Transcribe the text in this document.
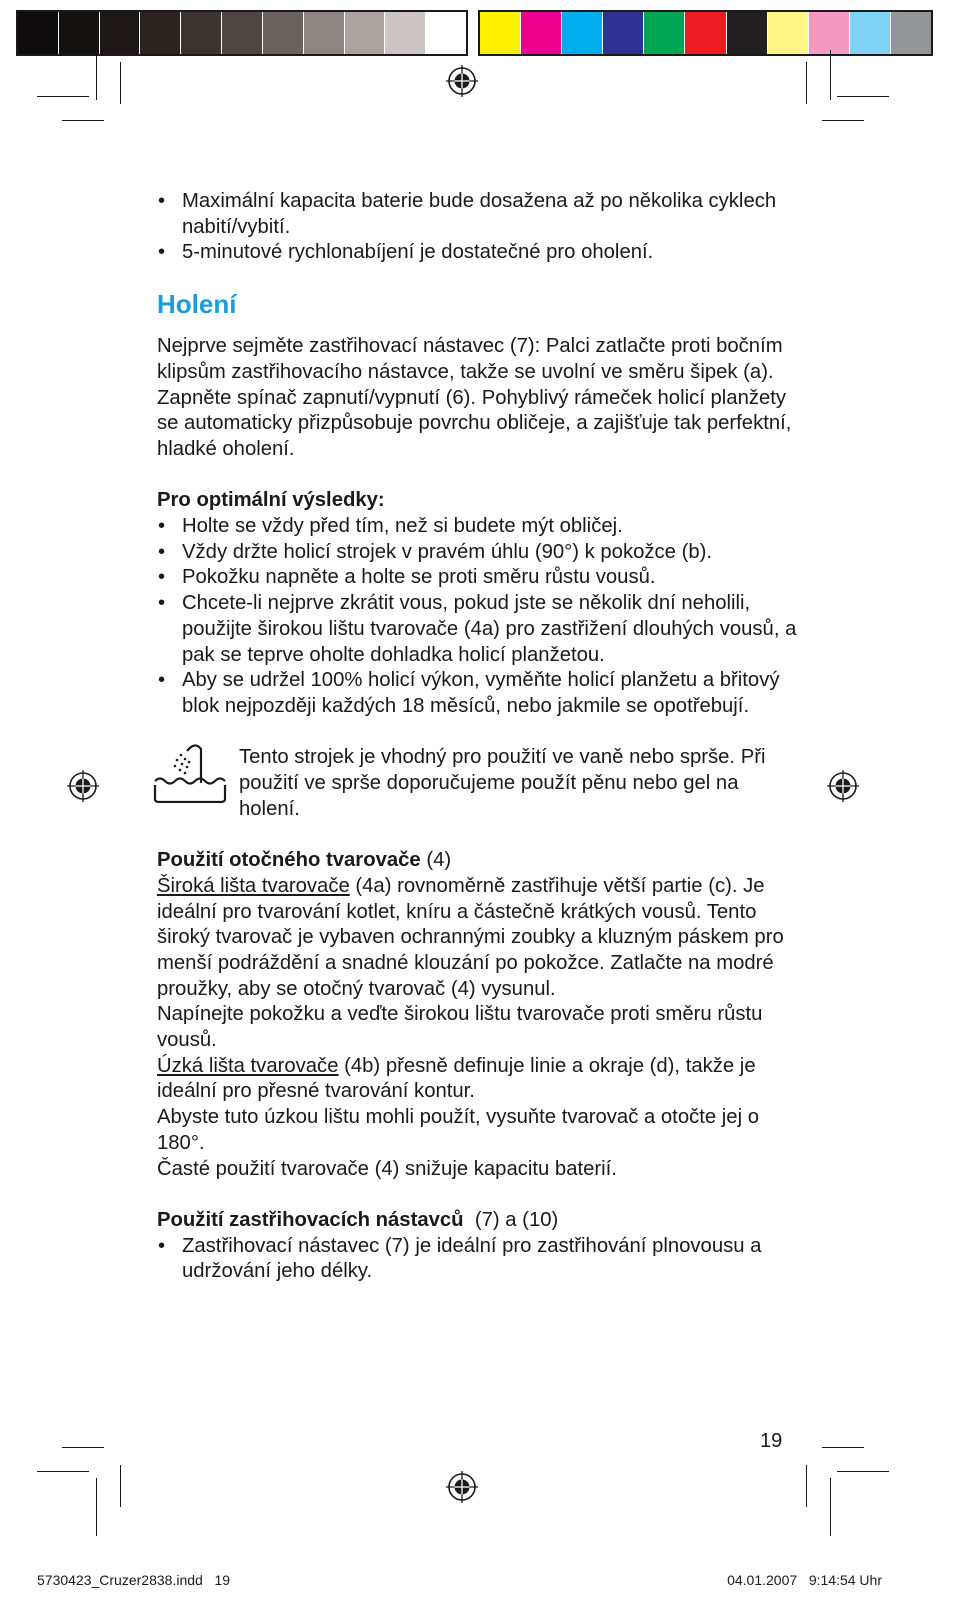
• Maximální kapacita baterie bude dosažena až po několika cyklech nabití/vybití.
• 5-minutové rychlonabíjení je dostatečné pro oholení.
Holení

Nejprve sejměte zastřihovací nástavec (7): Palci zatlačte proti bočním klipsům zastřihovacího nástavce, takže se uvolní ve směru šipek (a). Zapněte spínač zapnutí/vypnutí (6). Pohyblivý rámeček holicí planžety se automaticky přizpůsobuje povrchu obličeje, a zajišťuje tak perfektní, hladké oholení.

Pro optimální výsledky:

• Holte se vždy před tím, než si budete mýt obličej.
• Vždy držte holicí strojek v pravém úhlu (90°) k pokožce (b).
• Pokožku napněte a holte se proti směru růstu vousů.
• Chcete-li nejprve zkrátit vous, pokud jste se několik dní neholili, použijte širokou lištu tvarovače (4a) pro zastřižení dlouhých vousů, a pak se teprve oholte dohladka holicí planžetou.
• Aby se udržel 100% holicí výkon, vyměňte holicí planžetu a břitový blok nejpozději každých 18 měsíců, nebo jakmile se opotřebují.

Tento strojek je vhodný pro použití ve vaně nebo sprše. Při použití ve sprše doporučujeme použít pěnu nebo gel na holení.

Použití otočného tvarovače (4)

Široká lišta tvarovače (4a) rovnoměrně zastřihuje větší partie (c). Je ideální pro tvarování kotlet, kníru a částečně krátkých vousů. Tento široký tvarovač je vybaven ochrannými zoubky a kluzným páskem pro menší podráždění a snadné klouzání po pokožce. Zatlačte na modré proužky, aby se otočný tvarovač (4) vysunul.

Napínejte pokožku a veďte širokou lištu tvarovače proti směru růstu vousů.

Úzká lišta tvarovače (4b) přesně definuje linie a okraje (d), takže je ideální pro přesné tvarování kontur.

Abyste tuto úzkou lištu mohli použít, vysuňte tvarovač a otočte jej o 180°.

Časté použití tvarovače (4) snižuje kapacitu baterií.

Použití zastřihovacích nástavců  (7) a (10)

• Zastřihovací nástavec (7) je ideální pro zastřihování plnovousu a udržování jeho délky.
19
5730423_Cruzer2838.indd   19	04.01.2007   9:14:54 Uhr
